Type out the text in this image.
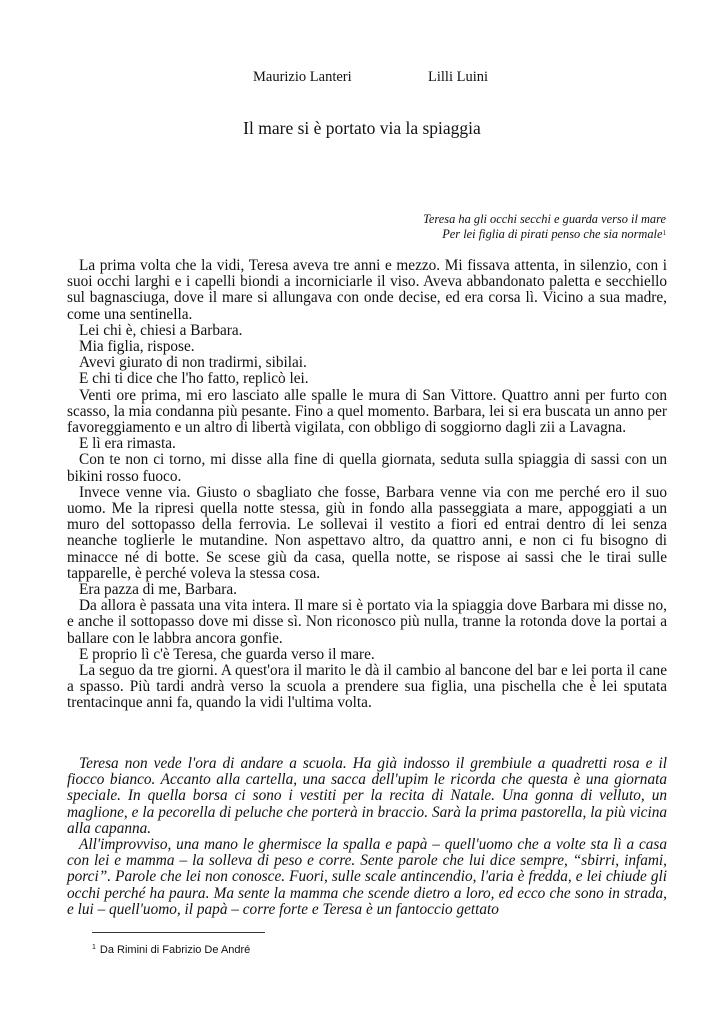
Maurizio Lanteri	Lilli Luini
Il mare si è portato via la spiaggia
Teresa ha gli occhi secchi e guarda verso il mare
Per lei figlia di pirati penso che sia normale$^1$

La prima volta che la vidi, Teresa aveva tre anni e mezzo. Mi fissava attenta, in silenzio, con i suoi occhi larghi e i capelli biondi a incorniciarle il viso. Aveva abbandonato paletta e secchiello sul bagnasciuga, dove il mare si allungava con onde decise, ed era corsa lì. Vicino a sua madre, come una sentinella.

Lei chi è, chiesi a Barbara.

Mia figlia, rispose.

Avevi giurato di non tradirmi, sibilai.

E chi ti dice che l'ho fatto, replicò lei.

Venti ore prima, mi ero lasciato alle spalle le mura di San Vittore. Quattro anni per furto con scasso, la mia condanna più pesante. Fino a quel momento. Barbara, lei si era buscata un anno per favoreggiamento e un altro di libertà vigilata, con obbligo di soggiorno dagli zii a Lavagna.

E lì era rimasta.

Con te non ci torno, mi disse alla fine di quella giornata, seduta sulla spiaggia di sassi con un bikini rosso fuoco.

Invece venne via. Giusto o sbagliato che fosse, Barbara venne via con me perché ero il suo uomo. Me la ripresi quella notte stessa, giù in fondo alla passeggiata a mare, appoggiati a un muro del sottopasso della ferrovia. Le sollevai il vestito a fiori ed entrai dentro di lei senza neanche toglierle le mutandine. Non aspettavo altro, da quattro anni, e non ci fu bisogno di minacce né di botte. Se scese giù da casa, quella notte, se rispose ai sassi che le tirai sulle tapparelle, è perché voleva la stessa cosa.

Era pazza di me, Barbara.

Da allora è passata una vita intera. Il mare si è portato via la spiaggia dove Barbara mi disse no, e anche il sottopasso dove mi disse sì. Non riconosco più nulla, tranne la rotonda dove la portai a ballare con le labbra ancora gonfie.

E proprio lì c'è Teresa, che guarda verso il mare.

La seguo da tre giorni. A quest'ora il marito le dà il cambio al bancone del bar e lei porta il cane a spasso. Più tardi andrà verso la scuola a prendere sua figlia, una pischella che è lei sputata trentacinque anni fa, quando la vidi l'ultima volta.

Teresa non vede l'ora di andare a scuola. Ha già indosso il grembiule a quadretti rosa e il fiocco bianco. Accanto alla cartella, una sacca dell'upim le ricorda che questa è una giornata speciale. In quella borsa ci sono i vestiti per la recita di Natale. Una gonna di velluto, un maglione, e la pecorella di peluche che porterà in braccio. Sarà la prima pastorella, la più vicina alla capanna.

All'improvviso, una mano le ghermisce la spalla e papà – quell'uomo che a volte sta lì a casa con lei e mamma – la solleva di peso e corre. Sente parole che lui dice sempre, “sbirri, infami, porci”. Parole che lei non conosce. Fuori, sulle scale antincendio, l'aria è fredda, e lei chiude gli occhi perché ha paura. Ma sente la mamma che scende dietro a loro, ed ecco che sono in strada, e lui – quell'uomo, il papà – corre forte e Teresa è un fantoccio gettato

$^1$ Da Rimini di Fabrizio De André
